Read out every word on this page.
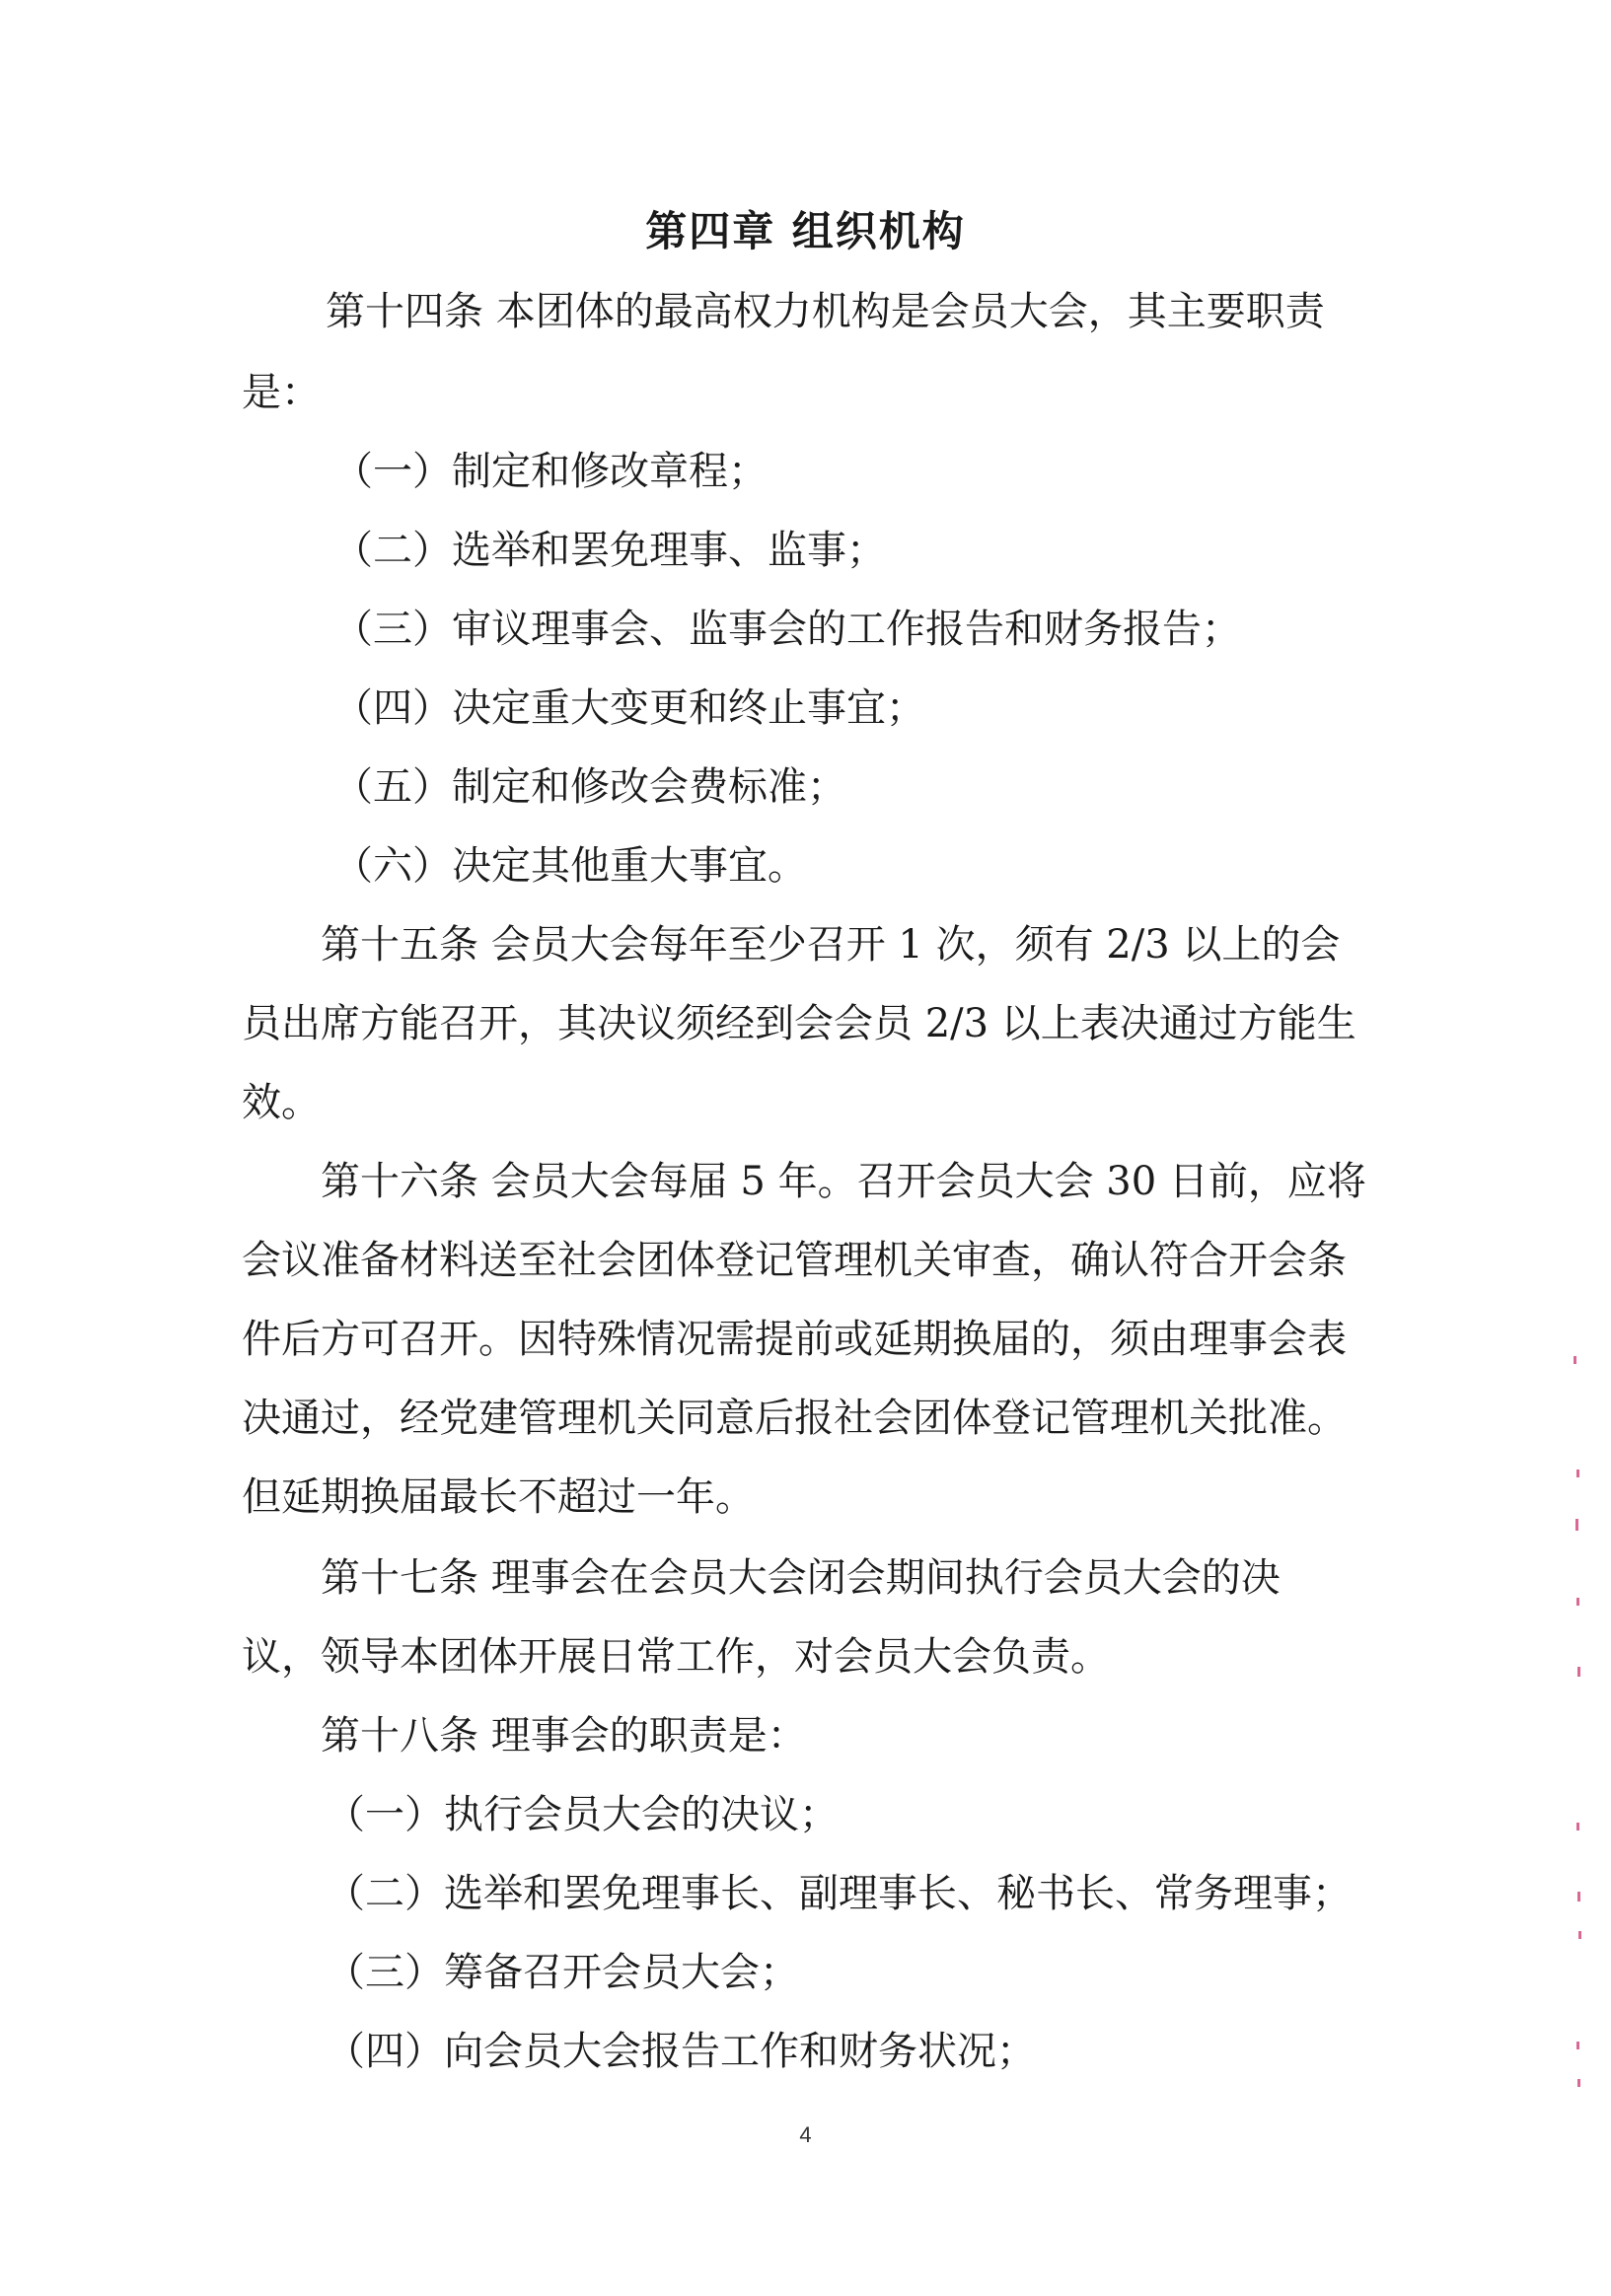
第四章 组织机构
第十四条 本团体的最高权力机构是会员大会，其主要职责
是：
（一）制定和修改章程；
（二）选举和罢免理事、监事；
（三）审议理事会、监事会的工作报告和财务报告；
（四）决定重大变更和终止事宜；
（五）制定和修改会费标准；
（六）决定其他重大事宜。
第十五条 会员大会每年至少召开 1 次，须有 2/3 以上的会
员出席方能召开，其决议须经到会会员 2/3 以上表决通过方能生
效。
第十六条 会员大会每届 5 年。召开会员大会 30 日前，应将
会议准备材料送至社会团体登记管理机关审查，确认符合开会条
件后方可召开。因特殊情况需提前或延期换届的，须由理事会表
决通过，经党建管理机关同意后报社会团体登记管理机关批准。
但延期换届最长不超过一年。
第十七条 理事会在会员大会闭会期间执行会员大会的决
议，领导本团体开展日常工作，对会员大会负责。
第十八条 理事会的职责是：
（一）执行会员大会的决议；
（二）选举和罢免理事长、副理事长、秘书长、常务理事；
（三）筹备召开会员大会；
（四）向会员大会报告工作和财务状况；
4
